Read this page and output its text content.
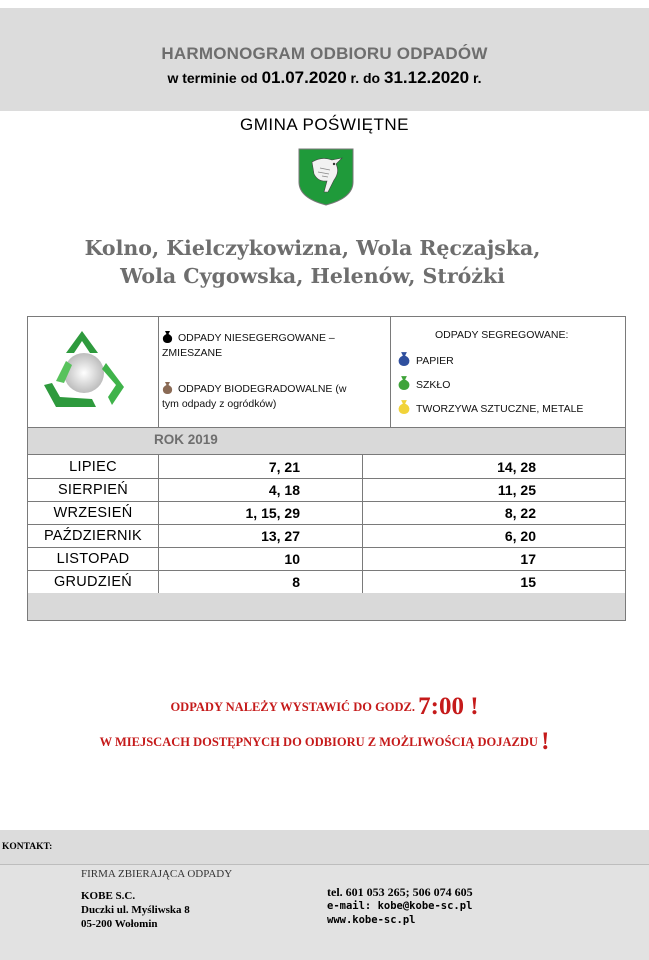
HARMONOGRAM ODBIORU ODPADÓW
w terminie od 01.07.2020 r. do 31.12.2020 r.
GMINA POŚWIĘTNE
Kolno, Kielczykowizna, Wola Ręczajska,
Wola Cygowska, Helenów, Stróżki
ODPADY NIESEGERGOWANE –
ZMIESZANE
ODPADY BIODEGRADOWALNE (w
tym odpady z ogródków)
ODPADY SEGREGOWANE:
PAPIER
SZKŁO
TWORZYWA SZTUCZNE, METALE
ROK 2019
LIPIEC	7, 21	14, 28
SIERPIEŃ	4, 18	11, 25
WRZESIEŃ	1, 15, 29	8, 22
PAŹDZIERNIK	13, 27	6, 20
LISTOPAD	10	17
GRUDZIEŃ	8	15
ODPADY NALEŻY WYSTAWIĆ DO GODZ. 7:00 !
W MIEJSCACH DOSTĘPNYCH DO ODBIORU Z MOŻLIWOŚCIĄ DOJAZDU !
KONTAKT:
FIRMA ZBIERAJĄCA ODPADY
KOBE S.C.
Duczki ul. Myśliwska 8
05-200 Wołomin
tel. 601 053 265; 506 074 605
e-mail: kobe@kobe-sc.pl
www.kobe-sc.pl
